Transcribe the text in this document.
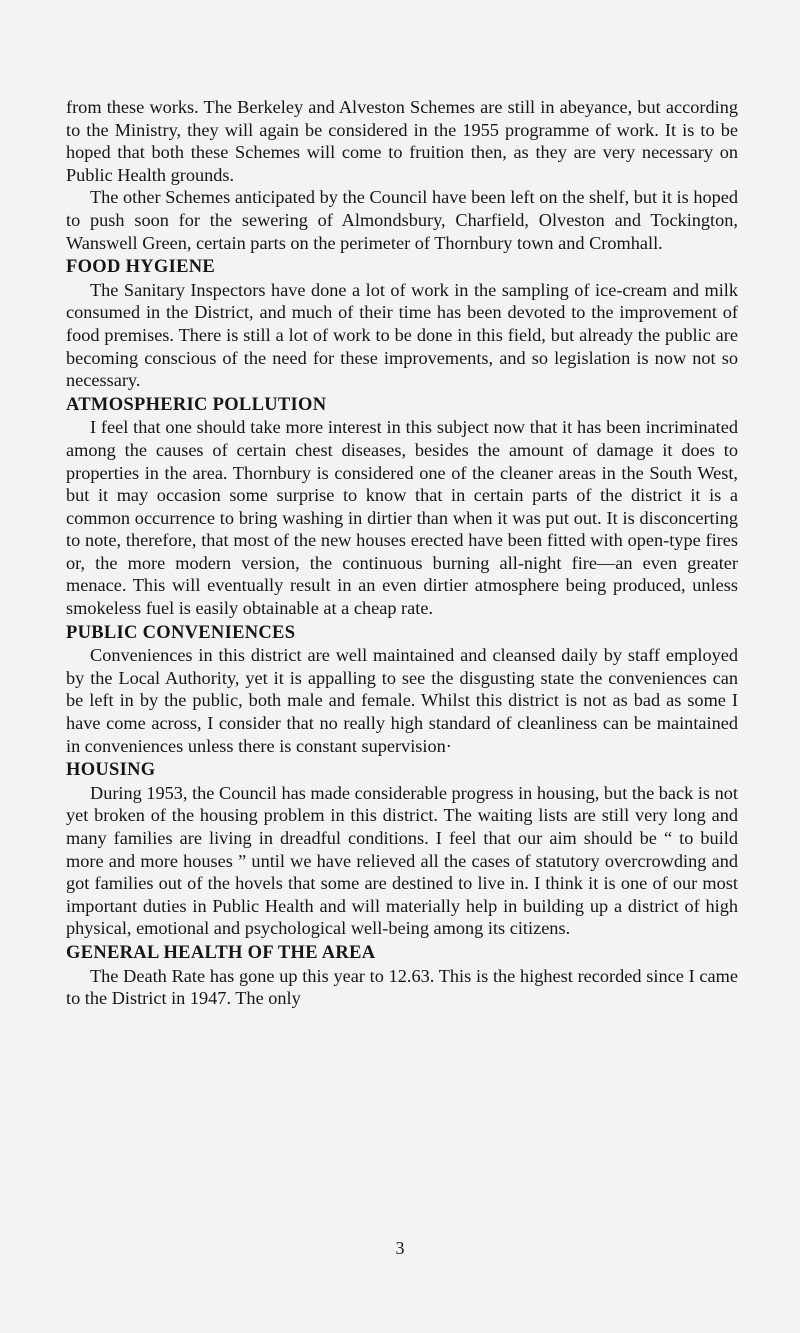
from these works. The Berkeley and Alveston Schemes are still in abeyance, but according to the Ministry, they will again be considered in the 1955 programme of work. It is to be hoped that both these Schemes will come to fruition then, as they are very necessary on Public Health grounds.

The other Schemes anticipated by the Council have been left on the shelf, but it is hoped to push soon for the sewering of Almondsbury, Charfield, Olveston and Tockington, Wanswell Green, certain parts on the perimeter of Thornbury town and Cromhall.

FOOD HYGIENE

The Sanitary Inspectors have done a lot of work in the sampling of ice-cream and milk consumed in the District, and much of their time has been devoted to the improvement of food premises. There is still a lot of work to be done in this field, but already the public are becoming conscious of the need for these improvements, and so legislation is now not so necessary.

ATMOSPHERIC POLLUTION

I feel that one should take more interest in this subject now that it has been incriminated among the causes of certain chest diseases, besides the amount of damage it does to properties in the area. Thornbury is considered one of the cleaner areas in the South West, but it may occasion some surprise to know that in certain parts of the district it is a common occurrence to bring washing in dirtier than when it was put out. It is disconcerting to note, therefore, that most of the new houses erected have been fitted with open-type fires or, the more modern version, the continuous burning all-night fire—an even greater menace. This will eventually result in an even dirtier atmosphere being produced, unless smokeless fuel is easily obtainable at a cheap rate.

PUBLIC CONVENIENCES

Conveniences in this district are well maintained and cleansed daily by staff employed by the Local Authority, yet it is appalling to see the disgusting state the conveniences can be left in by the public, both male and female. Whilst this district is not as bad as some I have come across, I consider that no really high standard of cleanliness can be maintained in conveniences unless there is constant supervision·

HOUSING

During 1953, the Council has made considerable progress in housing, but the back is not yet broken of the housing problem in this district. The waiting lists are still very long and many families are living in dreadful conditions. I feel that our aim should be “ to build more and more houses ” until we have relieved all the cases of statutory overcrowding and got families out of the hovels that some are destined to live in. I think it is one of our most important duties in Public Health and will materially help in building up a district of high physical, emotional and psychological well-being among its citizens.

GENERAL HEALTH OF THE AREA

The Death Rate has gone up this year to 12.63. This is the highest recorded since I came to the District in 1947. The only

3
